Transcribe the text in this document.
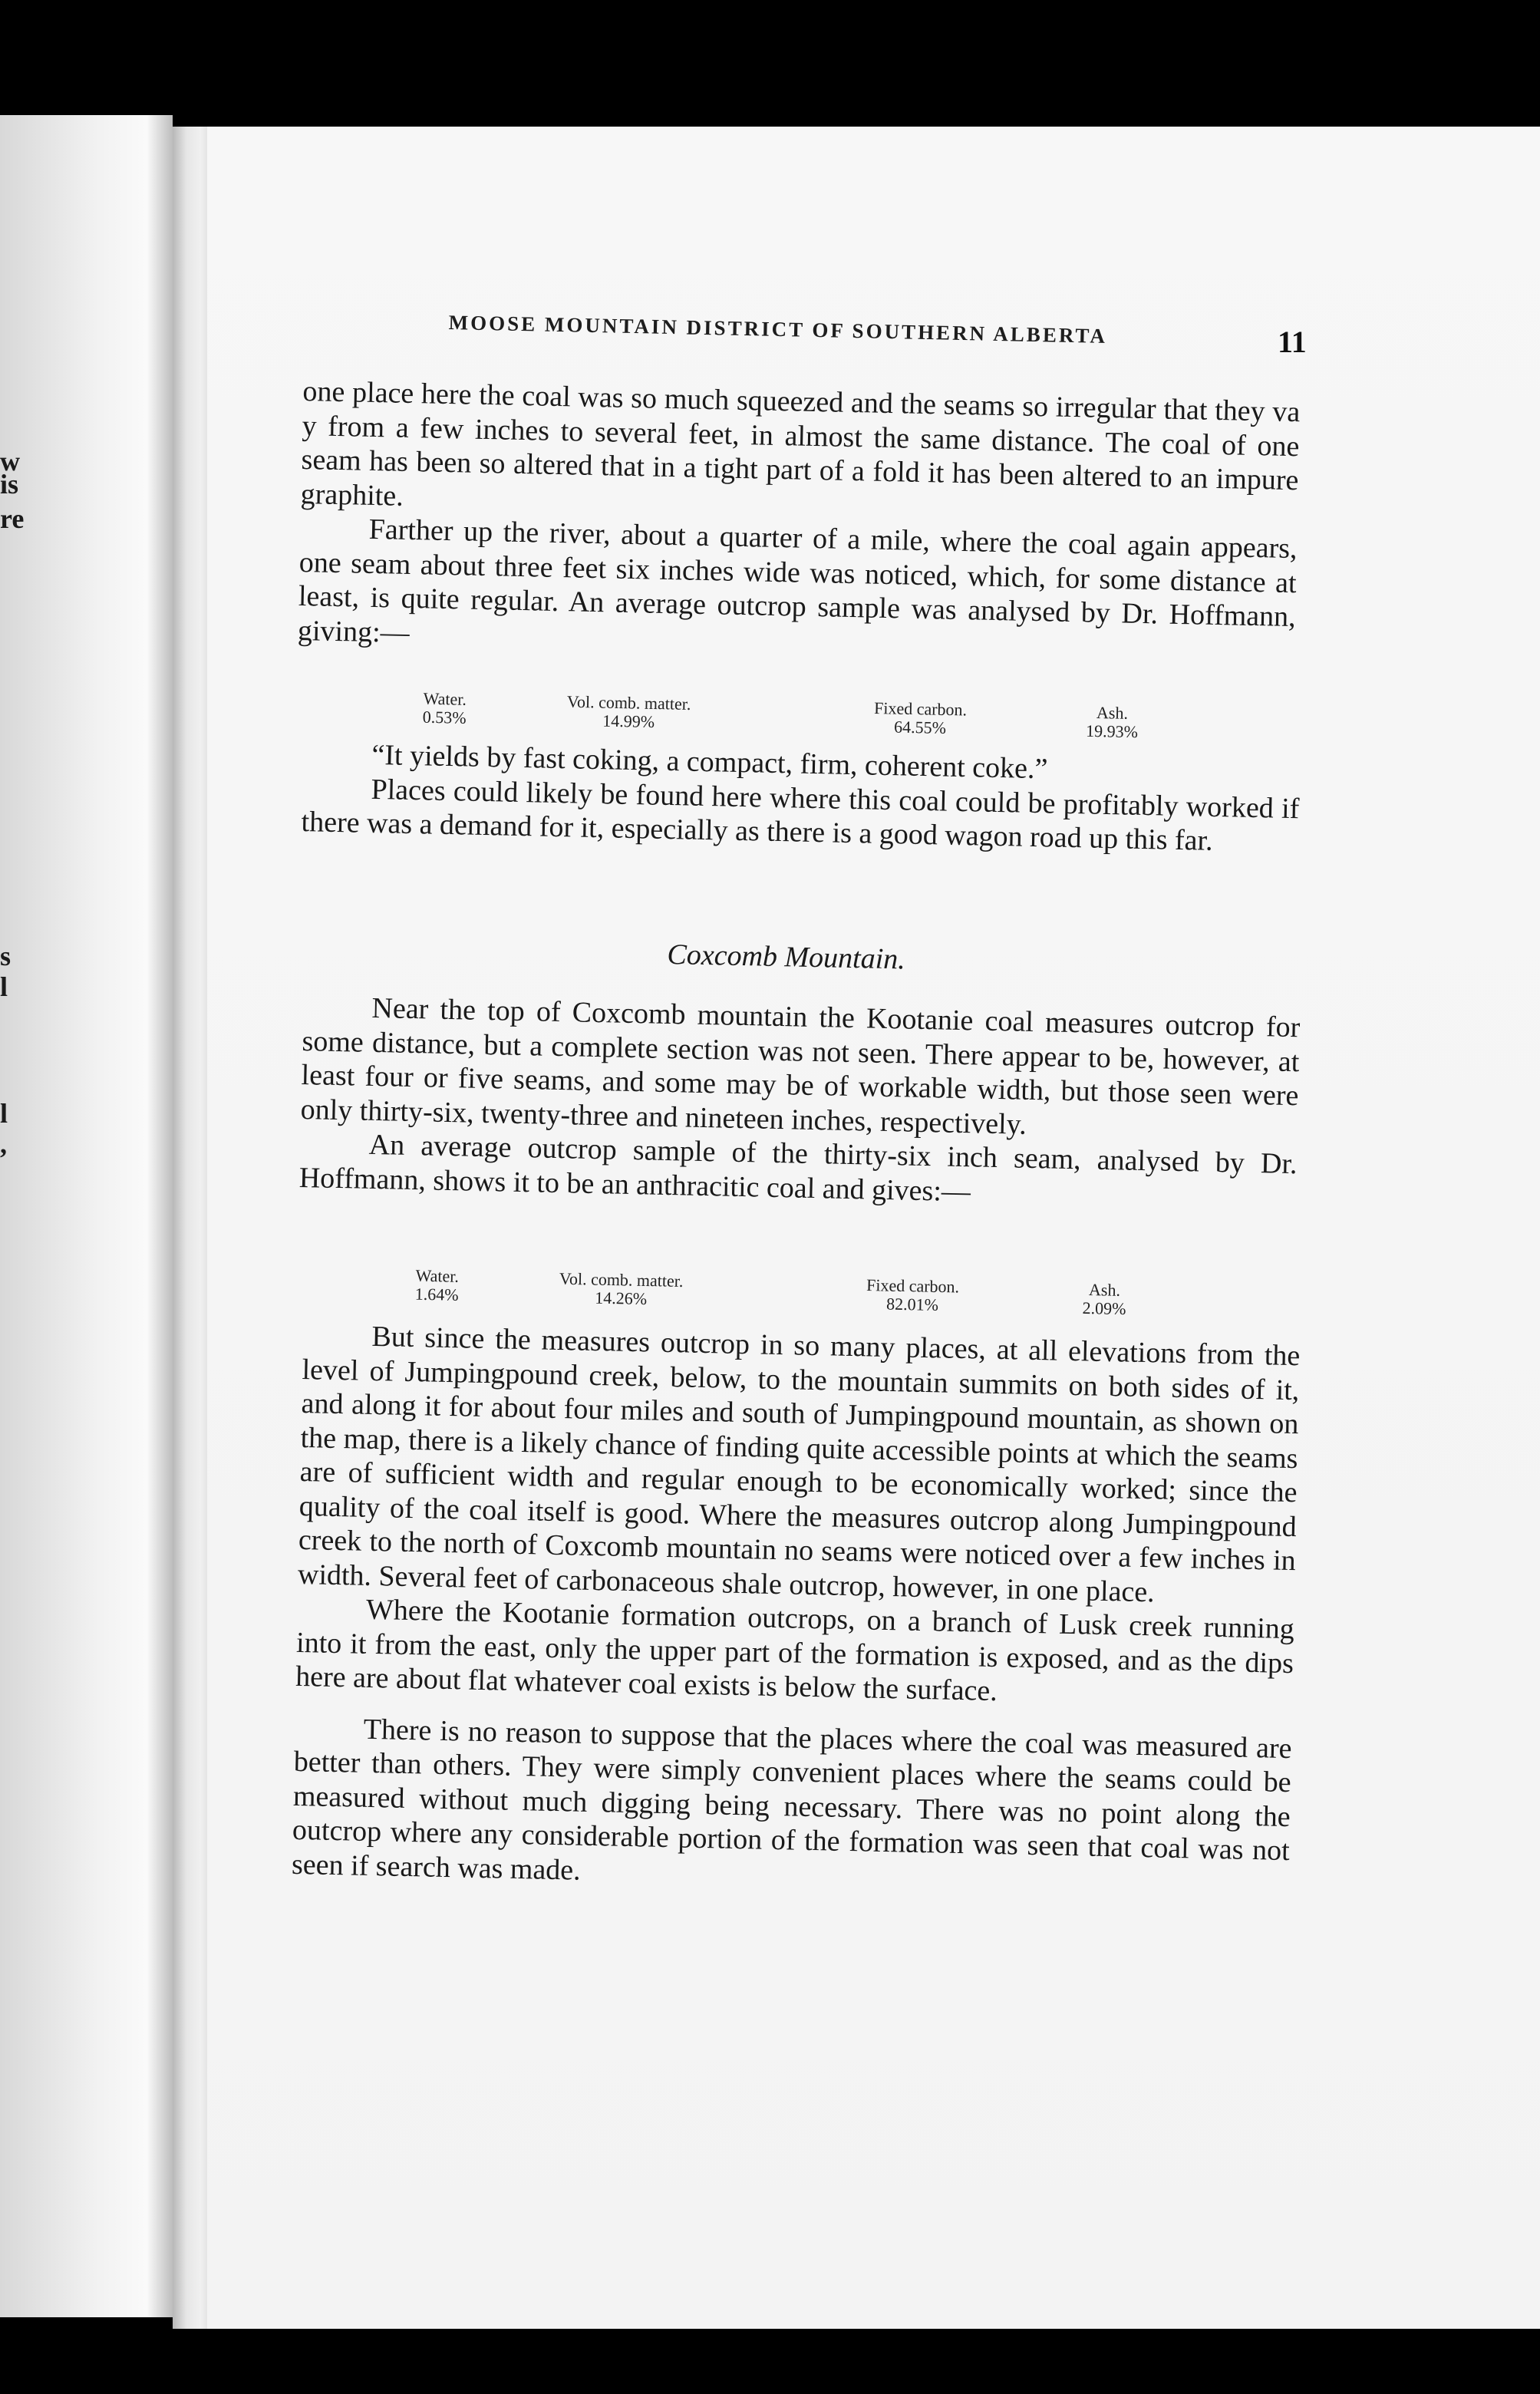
w
is
re
s
l
l
,
MOOSE MOUNTAIN DISTRICT OF SOUTHERN ALBERTA	11

one place here the coal was so much squeezed and the seams so irregular that they va y from a few inches to several feet, in almost the same distance. The coal of one seam has been so altered that in a tight part of a fold it has been altered to an impure graphite.

Farther up the river, about a quarter of a mile, where the coal again appears, one seam about three feet six inches wide was noticed, which, for some distance at least, is quite regular. An average outcrop sample was analysed by Dr. Hoffmann, giving:—

Water.
0.53%
Vol. comb. matter.
14.99%
Fixed carbon.
64.55%
Ash.
19.93%

“It yields by fast coking, a compact, firm, coherent coke.”

Places could likely be found here where this coal could be profitably worked if there was a demand for it, especially as there is a good wagon road up this far.

Coxcomb Mountain.

Near the top of Coxcomb mountain the Kootanie coal measures outcrop for some distance, but a complete section was not seen. There appear to be, however, at least four or five seams, and some may be of workable width, but those seen were only thirty-six, twenty-three and nineteen inches, respectively.

An average outcrop sample of the thirty-six inch seam, analysed by Dr. Hoffmann, shows it to be an anthracitic coal and gives:—

Water.
1.64%
Vol. comb. matter.
14.26%
Fixed carbon.
82.01%
Ash.
2.09%

But since the measures outcrop in so many places, at all elevations from the level of Jumpingpound creek, below, to the mountain summits on both sides of it, and along it for about four miles and south of Jumpingpound mountain, as shown on the map, there is a likely chance of finding quite accessible points at which the seams are of sufficient width and regular enough to be economically worked; since the quality of the coal itself is good. Where the measures outcrop along Jumpingpound creek to the north of Coxcomb mountain no seams were noticed over a few inches in width. Several feet of carbonaceous shale outcrop, however, in one place.

Where the Kootanie formation outcrops, on a branch of Lusk creek running into it from the east, only the upper part of the formation is exposed, and as the dips here are about flat whatever coal exists is below the surface.

There is no reason to suppose that the places where the coal was measured are better than others. They were simply convenient places where the seams could be measured without much digging being necessary. There was no point along the outcrop where any considerable portion of the formation was seen that coal was not seen if search was made.
